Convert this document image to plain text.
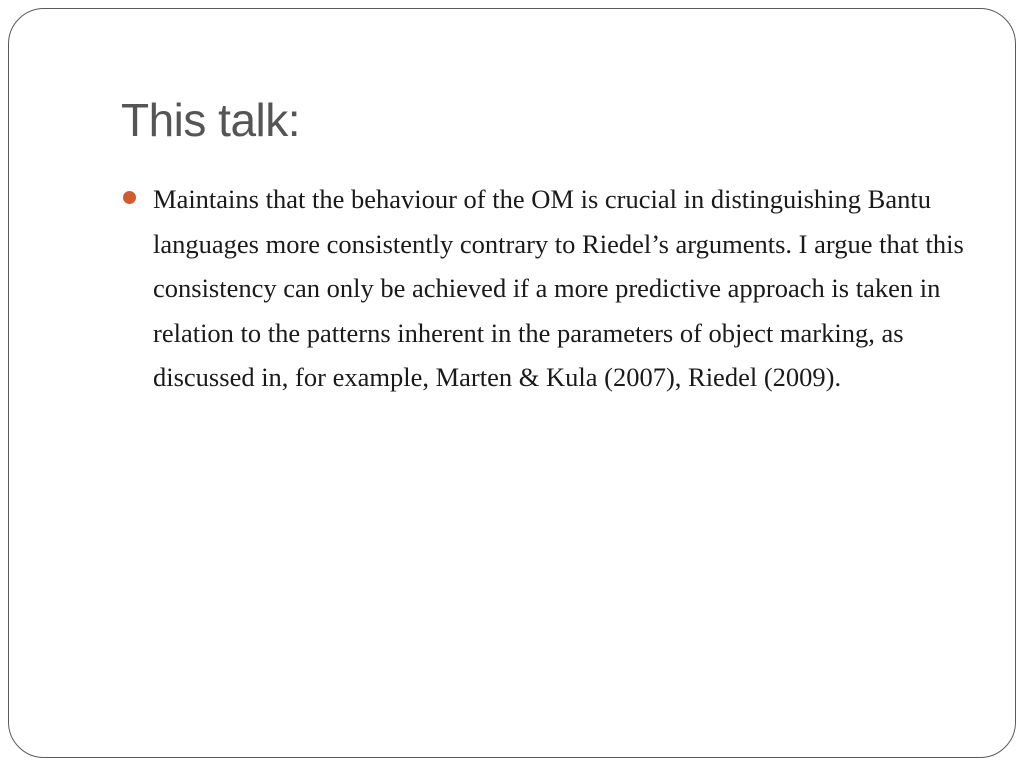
This talk:
Maintains that the behaviour of the OM is crucial in distinguishing Bantu languages more consistently contrary to Riedel’s arguments. I argue that this consistency can only be achieved if a more predictive approach is taken in relation to the patterns inherent in the parameters of object marking, as discussed in, for example, Marten & Kula (2007), Riedel (2009).
